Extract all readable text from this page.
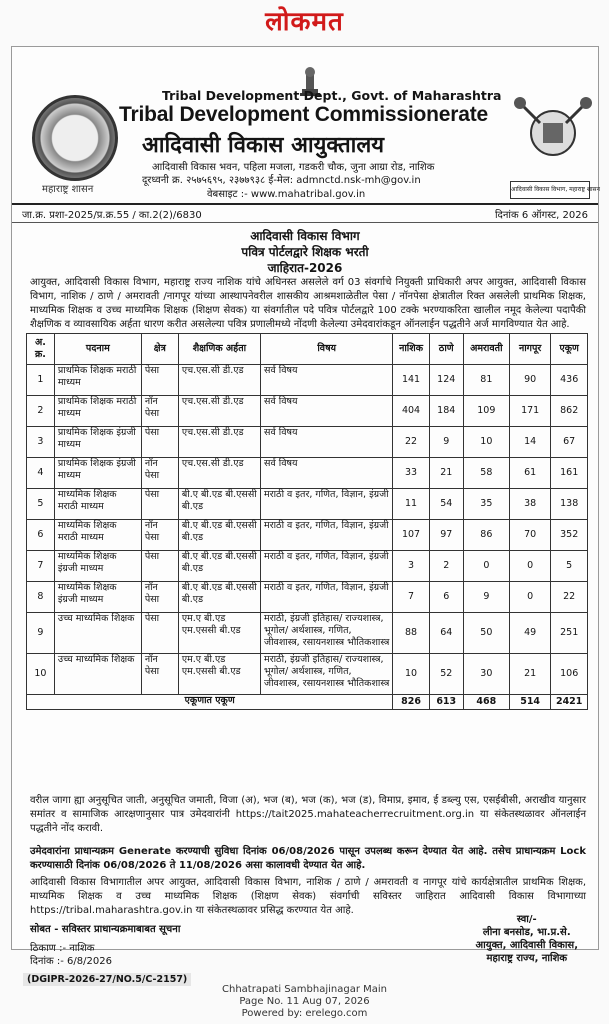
लोकमत
महाराष्ट्र शासन
Tribal Development Dept., Govt. of Maharashtra
Tribal Development Commissionerate
आदिवासी विकास आयुक्तालय
आदिवासी विकास भवन, पहिला मजला, गडकरी चौक, जुना आग्रा रोड, नाशिक
दूरध्वनी क्र. २५७५६९५, २३७७९३८ ई-मेल: admnctd.nsk-mh@gov.in
वेबसाइट :- www.mahatribal.gov.in	आदिवासी विकास विभाग, महाराष्ट्र शासन
जा.क्र. प्रशा-2025/प्र.क्र.55 / का.2(2)/6830	दिनांक 6 ऑगस्ट, 2026
आदिवासी विकास विभाग
पवित्र पोर्टलद्वारे शिक्षक भरती
जाहिरात-2026
आयुक्त, आदिवासी विकास विभाग, महाराष्ट्र राज्य नाशिक यांचे अधिनस्त असलेले वर्ग 03 संवर्गाचे नियुक्ती प्राधिकारी अपर आयुक्त, आदिवासी विकास विभाग, नाशिक / ठाणे / अमरावती /नागपूर यांच्या आस्थापनेवरील शासकीय आश्रमशाळेतील पेसा / नॉनपेसा क्षेत्रातील रिक्त असलेली प्राथमिक शिक्षक, माध्यमिक शिक्षक व उच्च माध्यमिक शिक्षक (शिक्षण सेवक) या संवर्गातील पदे पवित्र पोर्टलद्वारे 100 टक्के भरण्याकरिता खालील नमूद केलेल्या पदापैकी शैक्षणिक व व्यावसायिक अर्हता धारण करीत असलेल्या पवित्र प्रणालीमध्ये नोंदणी केलेल्या उमेदवारांकडून ऑनलाईन पद्धतीने अर्ज मागविण्यात येत आहे.
अ. क्र.	पदनाम	क्षेत्र	शैक्षणिक अर्हता	विषय	नाशिक	ठाणे	अमरावती	नागपूर	एकूण
1	प्राथमिक शिक्षक मराठी माध्यम	पेसा	एच.एस.सी डी.एड	सर्व विषय	141	124	81	90	436
2	प्राथमिक शिक्षक मराठी माध्यम	नॉन पेसा	एच.एस.सी डी.एड	सर्व विषय	404	184	109	171	862
3	प्राथमिक शिक्षक इंग्रजी माध्यम	पेसा	एच.एस.सी डी.एड	सर्व विषय	22	9	10	14	67
4	प्राथमिक शिक्षक इंग्रजी माध्यम	नॉन पेसा	एच.एस.सी डी.एड	सर्व विषय	33	21	58	61	161
5	माध्यमिक शिक्षक मराठी माध्यम	पेसा	बी.ए बी.एड बी.एससी बी.एड	मराठी व इतर, गणित, विज्ञान, इंग्रजी	11	54	35	38	138
6	माध्यमिक शिक्षक मराठी माध्यम	नॉन पेसा	बी.ए बी.एड बी.एससी बी.एड	मराठी व इतर, गणित, विज्ञान, इंग्रजी	107	97	86	70	352
7	माध्यमिक शिक्षक इंग्रजी माध्यम	पेसा	बी.ए बी.एड बी.एससी बी.एड	मराठी व इतर, गणित, विज्ञान, इंग्रजी	3	2	0	0	5
8	माध्यमिक शिक्षक इंग्रजी माध्यम	नॉन पेसा	बी.ए बी.एड बी.एससी बी.एड	मराठी व इतर, गणित, विज्ञान, इंग्रजी	7	6	9	0	22
9	उच्च माध्यमिक शिक्षक	पेसा	एम.ए बी.एड एम.एससी बी.एड	मराठी, इंग्रजी इतिहास/ राज्यशास्त्र, भूगोल/ अर्थशास्त्र, गणित, जीवशास्त्र, रसायनशास्त्र भौतिकशास्त्र	88	64	50	49	251
10	उच्च माध्यमिक शिक्षक	नॉन पेसा	एम.ए बी.एड एम.एससी बी.एड	मराठी, इंग्रजी इतिहास/ राज्यशास्त्र, भूगोल/ अर्थशास्त्र, गणित, जीवशास्त्र, रसायनशास्त्र भौतिकशास्त्र	10	52	30	21	106
एकूणात एकूण					826	613	468	514	2421
वरील जागा ह्या अनुसूचित जाती, अनुसूचित जमाती, विजा (अ), भज (ब), भज (क), भज (ड), विमाप्र, इमाव, ई डब्ल्यु एस, एसईबीसी, अराखीव यानुसार समांतर व सामाजिक आरक्षणानुसार पात्र उमेदवारांनी https://tait2025.mahateacherrecruitment.org.in या संकेतस्थळावर ऑनलाईन पद्धतीने नोंद करावी.
उमेदवारांना प्राधान्यक्रम Generate करण्याची सुविधा दिनांक 06/08/2026 पासून उपलब्ध करून देण्यात येत आहे. तसेच प्राधान्यक्रम Lock करण्यासाठी दिनांक 06/08/2026 ते 11/08/2026 असा कालावधी देण्यात येत आहे.
आदिवासी विकास विभागातील अपर आयुक्त, आदिवासी विकास विभाग, नाशिक / ठाणे / अमरावती व नागपूर यांचे कार्यक्षेत्रातील प्राथमिक शिक्षक, माध्यमिक शिक्षक व उच्च माध्यमिक शिक्षक (शिक्षण सेवक) संवर्गाची सविस्तर जाहिरात आदिवासी विकास विभागाच्या https://tribal.maharashtra.gov.in या संकेतस्थळावर प्रसिद्ध करण्यात येत आहे.
सोबत - सविस्तर प्राधान्यक्रमाबाबत सूचना
ठिकाण :- नाशिक
दिनांक :- 6/8/2026
(DGIPR-2026-27/NO.5/C-2157)
स्वा/-
लीना बनसोड, भा.प्र.से.
आयुक्त, आदिवासी विकास,
महाराष्ट्र राज्य, नाशिक
Chhatrapati Sambhajinagar Main
Page No. 11 Aug 07, 2026
Powered by: erelego.com
